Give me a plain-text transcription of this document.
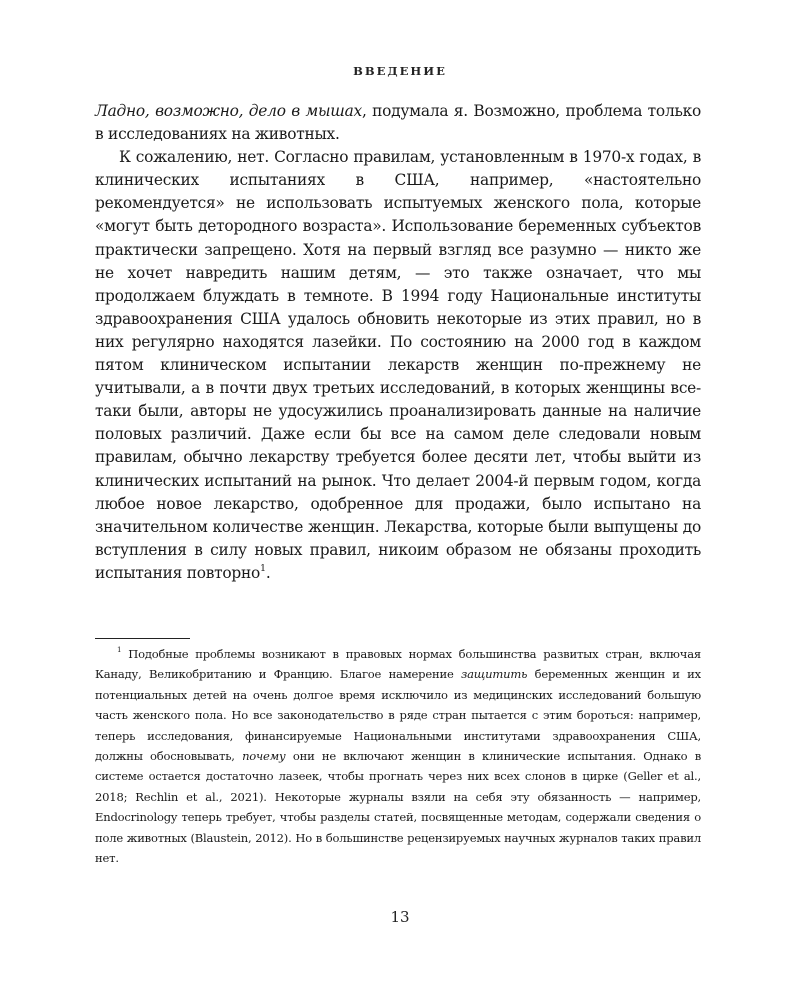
ВВЕДЕНИЕ

Ладно, возможно, дело в мышах, подумала я. Возможно, проблема только в исследованиях на животных.

К сожалению, нет. Согласно правилам, установленным в 1970-х годах, в клинических испытаниях в США, например, «настоятельно рекомендуется» не использовать испытуемых женского пола, которые «могут быть детородного возраста». Использование беременных субъектов практически запрещено. Хотя на первый взгляд все разумно — никто же не хочет навредить нашим детям, — это также означает, что мы продолжаем блуждать в темноте. В 1994 году Национальные институты здравоохранения США удалось обновить некоторые из этих правил, но в них регулярно находятся лазейки. По состоянию на 2000 год в каждом пятом клиническом испытании лекарств женщин по-прежнему не учитывали, а в почти двух третьих исследований, в которых женщины все-таки были, авторы не удосужились проанализировать данные на наличие половых различий. Даже если бы все на самом деле следовали новым правилам, обычно лекарству требуется более десяти лет, чтобы выйти из клинических испытаний на рынок. Что делает 2004-й первым годом, когда любое новое лекарство, одобренное для продажи, было испытано на значительном количестве женщин. Лекарства, которые были выпущены до вступления в силу новых правил, никоим образом не обязаны проходить испытания повторно$^1$.

$^1$ Подобные проблемы возникают в правовых нормах большинства развитых стран, включая Канаду, Великобританию и Францию. Благое намерение защитить беременных женщин и их потенциальных детей на очень долгое время исключило из медицинских исследований большую часть женского пола. Но все законодательство в ряде стран пытается с этим бороться: например, теперь исследования, финансируемые Национальными институтами здравоохранения США, должны обосновывать, почему они не включают женщин в клинические испытания. Однако в системе остается достаточно лазеек, чтобы прогнать через них всех слонов в цирке (Geller et al., 2018; Rechlin et al., 2021). Некоторые журналы взяли на себя эту обязанность — например, Endocrinology теперь требует, чтобы разделы статей, посвященные методам, содержали сведения о поле животных (Blaustein, 2012). Но в большинстве рецензируемых научных журналов таких правил нет.

13
